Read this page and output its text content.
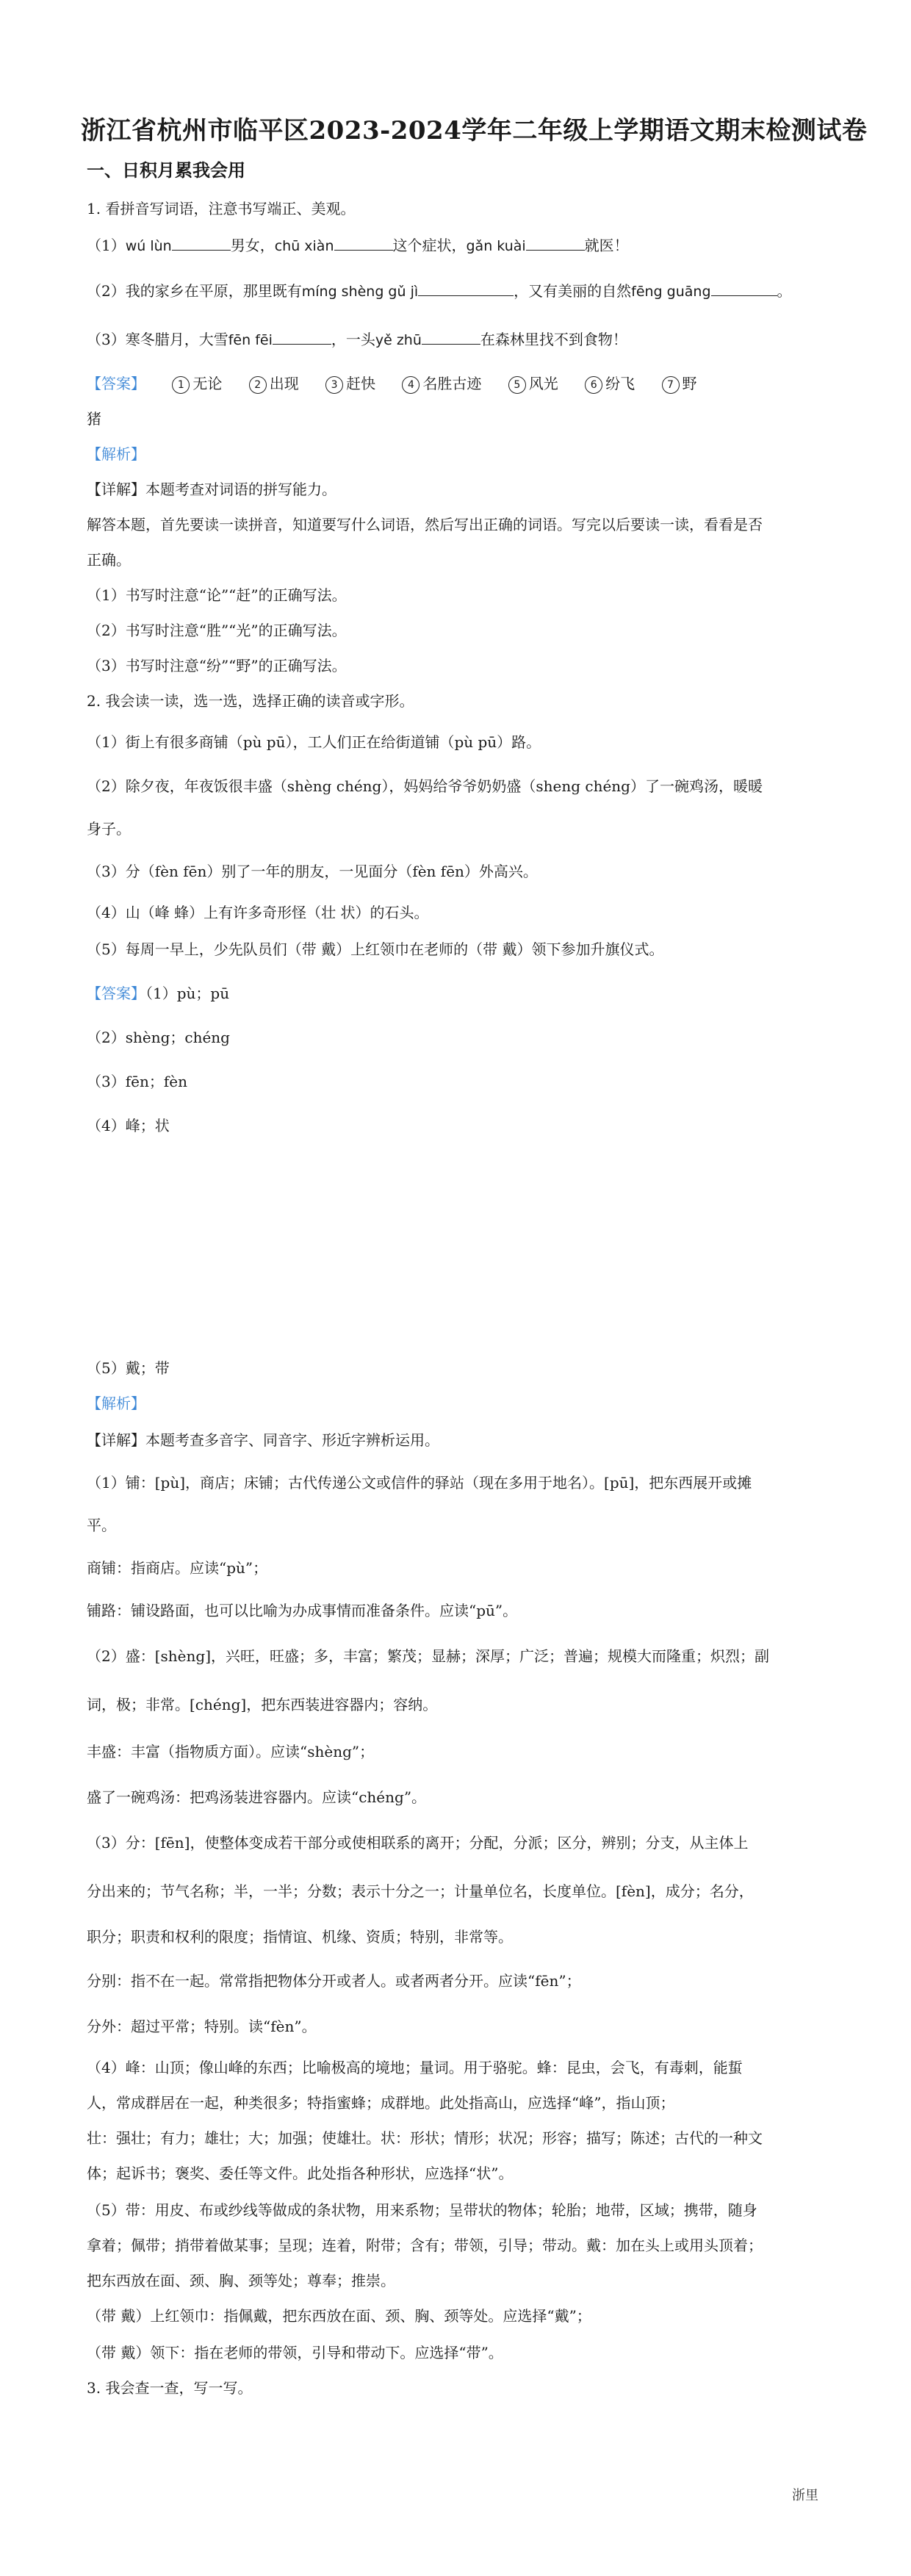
浙江省杭州市临平区2023-2024学年二年级上学期语文期末检测试卷
一、日积月累我会用
1. 看拼音写词语，注意书写端正、美观。
（1）wú lùn	男女，chū xiàn	这个症状，gǎn kuài	就医！
（2）我的家乡在平原，那里既有míng shèng gǔ jì	，又有美丽的自然fēng guāng	。
（3）寒冬腊月，大雪fēn fēi	，一头yě zhū	在森林里找不到食物！
【答案】	1 无论	2 出现	3 赶快	4 名胜古迹	5 风光	6 纷飞	7 野
猪
【解析】
【详解】本题考查对词语的拼写能力。
解答本题，首先要读一读拼音，知道要写什么词语，然后写出正确的词语。写完以后要读一读，看看是否
正确。
（1）书写时注意“论”“赶”的正确写法。
（2）书写时注意“胜”“光”的正确写法。
（3）书写时注意“纷”“野”的正确写法。
2. 我会读一读，选一选，选择正确的读音或字形。
（1）街上有很多商铺（pù pū），工人们正在给街道铺（pù pū）路。
（2）除夕夜，年夜饭很丰盛（shèng chéng），妈妈给爷爷奶奶盛（sheng chéng）了一碗鸡汤，暖暖
身子。
（3）分（fèn fēn）别了一年的朋友，一见面分（fèn fēn）外高兴。
（4）山（峰 蜂）上有许多奇形怪（壮 状）的石头。
（5）每周一早上，少先队员们（带 戴）上红领巾在老师的（带 戴）领下参加升旗仪式。
【答案】（1）pù；pū
（2）shèng；chéng
（3）fēn；fèn
（4）峰；状
（5）戴；带
【解析】
【详解】本题考查多音字、同音字、形近字辨析运用。
（1）铺：[pù]，商店；床铺；古代传递公文或信件的驿站（现在多用于地名）。[pū]，把东西展开或摊
平。
商铺：指商店。应读“pù”；
铺路：铺设路面，也可以比喻为办成事情而准备条件。应读“pū”。
（2）盛：[shèng]，兴旺，旺盛；多，丰富；繁茂；显赫；深厚；广泛；普遍；规模大而隆重；炽烈；副
词，极；非常。[chéng]，把东西装进容器内；容纳。
丰盛：丰富（指物质方面）。应读“shèng”；
盛了一碗鸡汤：把鸡汤装进容器内。应读“chéng”。
（3）分：[fēn]，使整体变成若干部分或使相联系的离开；分配，分派；区分，辨别；分支，从主体上
分出来的；节气名称；半，一半；分数；表示十分之一；计量单位名，长度单位。[fèn]，成分；名分，
职分；职责和权利的限度；指情谊、机缘、资质；特别，非常等。
分别：指不在一起。常常指把物体分开或者人。或者两者分开。应读“fēn”；
分外：超过平常；特别。读“fèn”。
（4）峰：山顶；像山峰的东西；比喻极高的境地；量词。用于骆驼。蜂：昆虫，会飞，有毒刺，能蜇
人，常成群居在一起，种类很多；特指蜜蜂；成群地。此处指高山，应选择“峰”，指山顶；
壮：强壮；有力；雄壮；大；加强；使雄壮。状：形状；情形；状况；形容；描写；陈述；古代的一种文
体；起诉书；褒奖、委任等文件。此处指各种形状，应选择“状”。
（5）带：用皮、布或纱线等做成的条状物，用来系物；呈带状的物体；轮胎；地带，区域；携带，随身
拿着；佩带；捎带着做某事；呈现；连着，附带；含有；带领，引导；带动。戴：加在头上或用头顶着；
把东西放在面、颈、胸、颈等处；尊奉；推崇。
（带 戴）上红领巾：指佩戴，把东西放在面、颈、胸、颈等处。应选择“戴”；
（带 戴）领下：指在老师的带领，引导和带动下。应选择“带”。
3. 我会查一查，写一写。
浙里
